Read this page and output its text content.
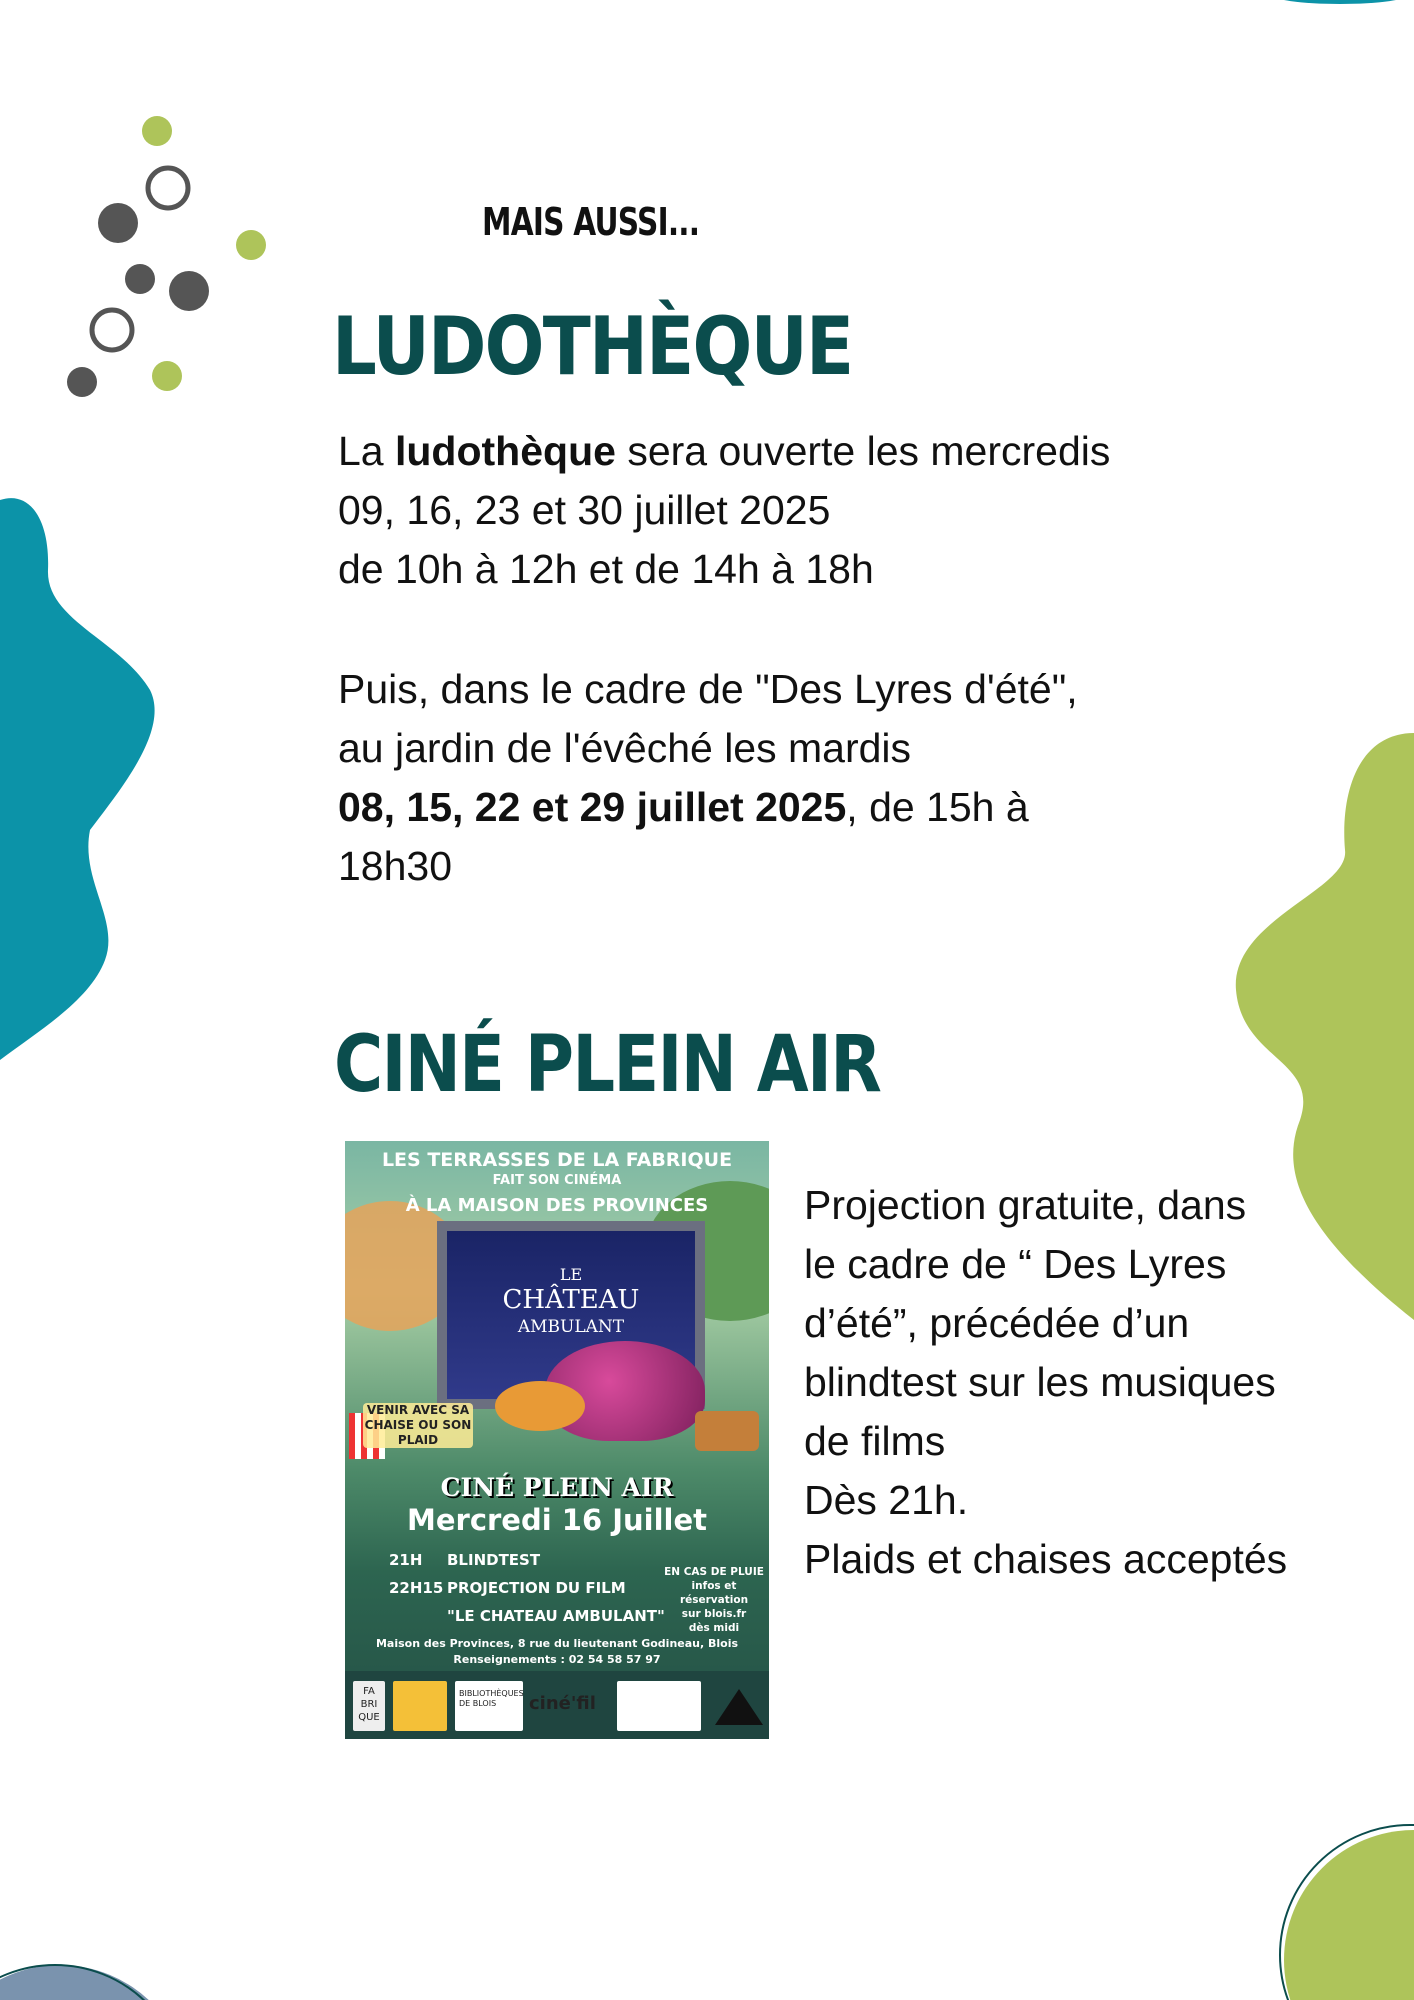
MAIS AUSSI...
LUDOTHÈQUE
La ludothèque sera ouverte les mercredis
09, 16, 23 et 30 juillet 2025
de 10h à 12h et de 14h à 18h
Puis, dans le cadre de "Des Lyres d'été",
au jardin de l'évêché les mardis
08, 15, 22 et 29 juillet 2025, de 15h à
18h30
CINÉ PLEIN AIR
LES TERRASSES DE LA FABRIQUE
FAIT SON CINÉMA
À LA MAISON DES PROVINCES
LE
CHÂTEAU
AMBULANT
VENIR AVEC SA
CHAISE OU SON
PLAID
CINÉ PLEIN AIR
Mercredi 16 Juillet
21H BLINDTEST
22H15 PROJECTION DU FILM
"LE CHATEAU AMBULANT"
EN CAS DE PLUIE
infos et réservation
sur blois.fr
dès midi
Maison des Provinces, 8 rue du lieutenant Godineau, Blois
Renseignements : 02 54 58 57 97
FA
BRI
QUE
BIBLIOTHÈQUES
DE BLOIS	ciné'fil
Projection gratuite, dans
le cadre de “ Des Lyres
d’été”, précédée d’un
blindtest sur les musiques
de films
Dès 21h.
Plaids et chaises acceptés
